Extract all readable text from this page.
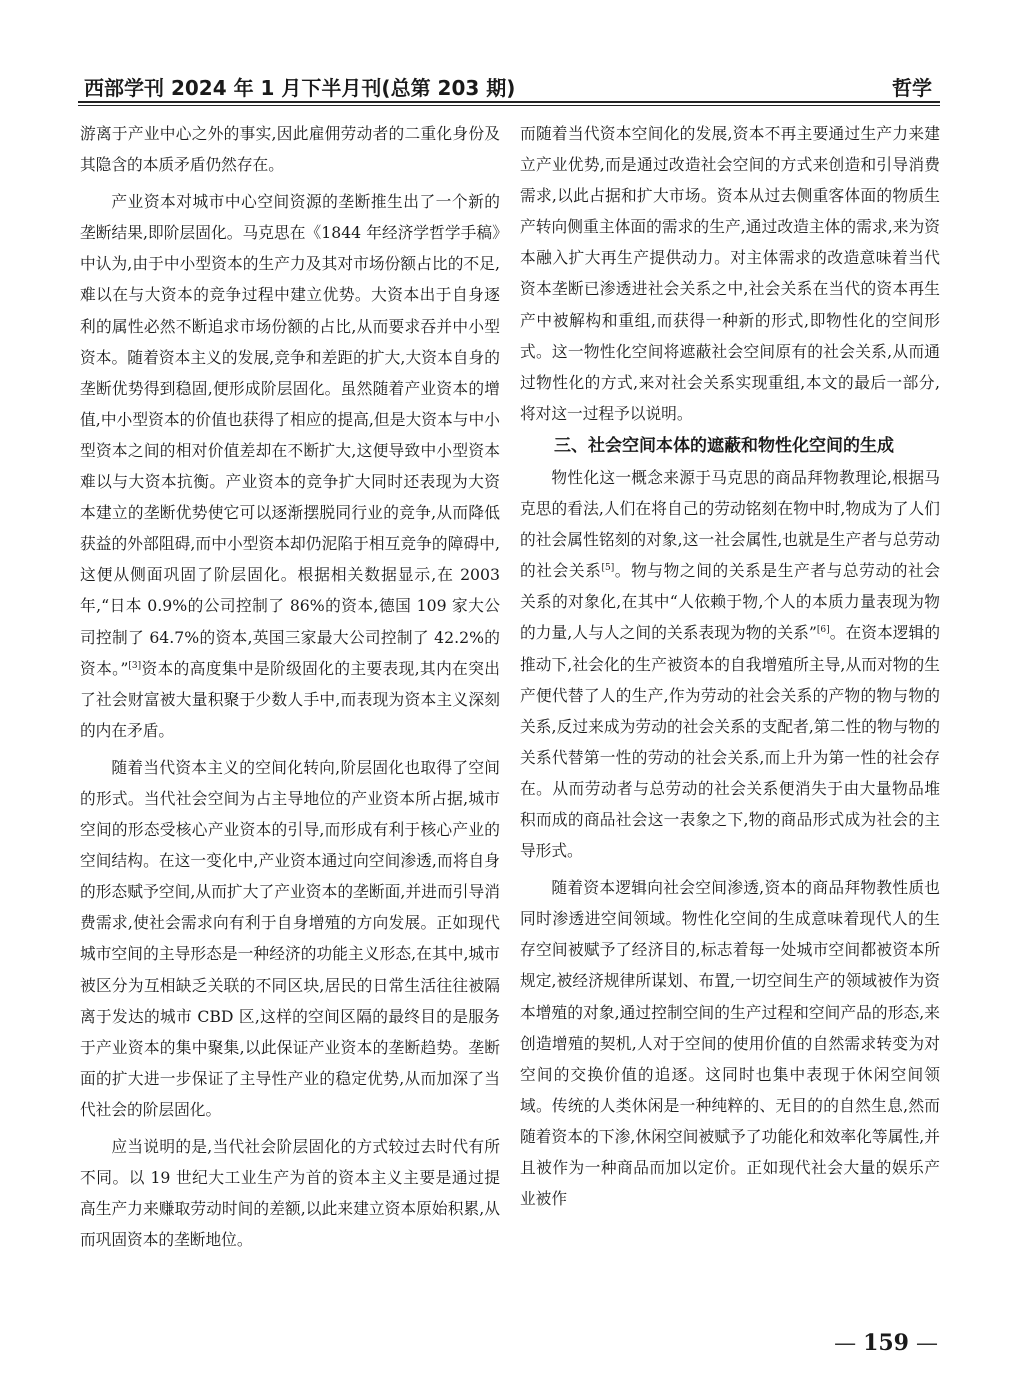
西部学刊 2024 年 1 月下半月刊(总第 203 期)	哲学

游离于产业中心之外的事实,因此雇佣劳动者的二重化身份及其隐含的本质矛盾仍然存在。

产业资本对城市中心空间资源的垄断推生出了一个新的垄断结果,即阶层固化。马克思在《1844 年经济学哲学手稿》中认为,由于中小型资本的生产力及其对市场份额占比的不足,难以在与大资本的竞争过程中建立优势。大资本出于自身逐利的属性必然不断追求市场份额的占比,从而要求吞并中小型资本。随着资本主义的发展,竞争和差距的扩大,大资本自身的垄断优势得到稳固,便形成阶层固化。虽然随着产业资本的增值,中小型资本的价值也获得了相应的提高,但是大资本与中小型资本之间的相对价值差却在不断扩大,这便导致中小型资本难以与大资本抗衡。产业资本的竞争扩大同时还表现为大资本建立的垄断优势使它可以逐渐摆脱同行业的竞争,从而降低获益的外部阻碍,而中小型资本却仍泥陷于相互竞争的障碍中,这便从侧面巩固了阶层固化。根据相关数据显示,在 2003 年,“日本 0.9%的公司控制了 86%的资本,德国 109 家大公司控制了 64.7%的资本,英国三家最大公司控制了 42.2%的资本。”[3]资本的高度集中是阶级固化的主要表现,其内在突出了社会财富被大量积聚于少数人手中,而表现为资本主义深刻的内在矛盾。

随着当代资本主义的空间化转向,阶层固化也取得了空间的形式。当代社会空间为占主导地位的产业资本所占据,城市空间的形态受核心产业资本的引导,而形成有利于核心产业的空间结构。在这一变化中,产业资本通过向空间渗透,而将自身的形态赋予空间,从而扩大了产业资本的垄断面,并进而引导消费需求,使社会需求向有利于自身增殖的方向发展。正如现代城市空间的主导形态是一种经济的功能主义形态,在其中,城市被区分为互相缺乏关联的不同区块,居民的日常生活往往被隔离于发达的城市 CBD 区,这样的空间区隔的最终目的是服务于产业资本的集中聚集,以此保证产业资本的垄断趋势。垄断面的扩大进一步保证了主导性产业的稳定优势,从而加深了当代社会的阶层固化。

应当说明的是,当代社会阶层固化的方式较过去时代有所不同。以 19 世纪大工业生产为首的资本主义主要是通过提高生产力来赚取劳动时间的差额,以此来建立资本原始积累,从而巩固资本的垄断地位。

而随着当代资本空间化的发展,资本不再主要通过生产力来建立产业优势,而是通过改造社会空间的方式来创造和引导消费需求,以此占据和扩大市场。资本从过去侧重客体面的物质生产转向侧重主体面的需求的生产,通过改造主体的需求,来为资本融入扩大再生产提供动力。对主体需求的改造意味着当代资本垄断已渗透进社会关系之中,社会关系在当代的资本再生产中被解构和重组,而获得一种新的形式,即物性化的空间形式。这一物性化空间将遮蔽社会空间原有的社会关系,从而通过物性化的方式,来对社会关系实现重组,本文的最后一部分,将对这一过程予以说明。

三、社会空间本体的遮蔽和物性化空间的生成

物性化这一概念来源于马克思的商品拜物教理论,根据马克思的看法,人们在将自己的劳动铭刻在物中时,物成为了人们的社会属性铭刻的对象,这一社会属性,也就是生产者与总劳动的社会关系[5]。物与物之间的关系是生产者与总劳动的社会关系的对象化,在其中“人依赖于物,个人的本质力量表现为物的力量,人与人之间的关系表现为物的关系”[6]。在资本逻辑的推动下,社会化的生产被资本的自我增殖所主导,从而对物的生产便代替了人的生产,作为劳动的社会关系的产物的物与物的关系,反过来成为劳动的社会关系的支配者,第二性的物与物的关系代替第一性的劳动的社会关系,而上升为第一性的社会存在。从而劳动者与总劳动的社会关系便消失于由大量物品堆积而成的商品社会这一表象之下,物的商品形式成为社会的主导形式。

随着资本逻辑向社会空间渗透,资本的商品拜物教性质也同时渗透进空间领域。物性化空间的生成意味着现代人的生存空间被赋予了经济目的,标志着每一处城市空间都被资本所规定,被经济规律所谋划、布置,一切空间生产的领域被作为资本增殖的对象,通过控制空间的生产过程和空间产品的形态,来创造增殖的契机,人对于空间的使用价值的自然需求转变为对空间的交换价值的追逐。这同时也集中表现于休闲空间领域。传统的人类休闲是一种纯粹的、无目的的自然生息,然而随着资本的下渗,休闲空间被赋予了功能化和效率化等属性,并且被作为一种商品而加以定价。正如现代社会大量的娱乐产业被作

— 159 —
